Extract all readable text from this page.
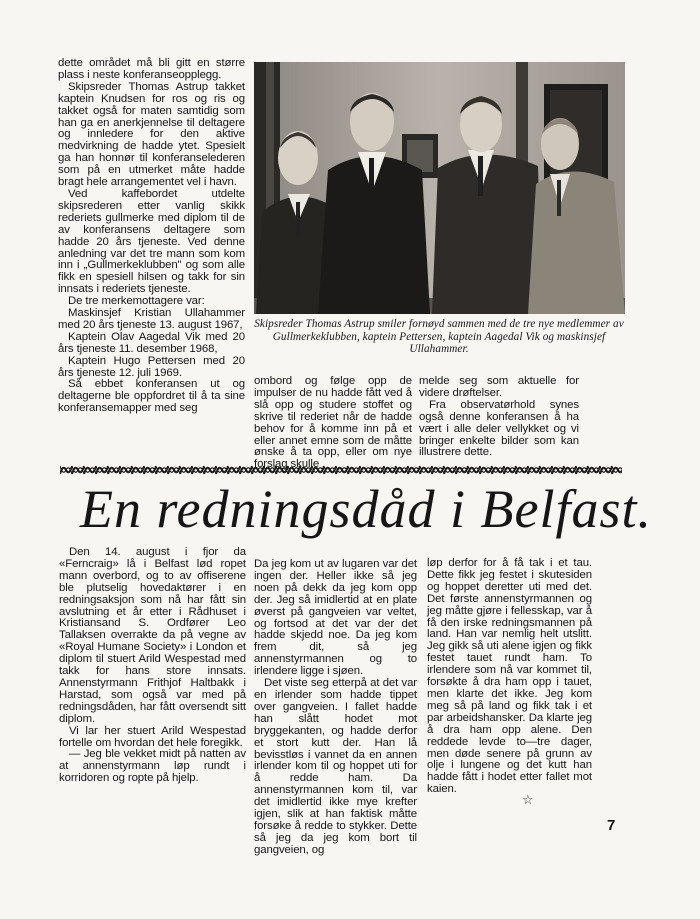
dette området må bli gitt en større plass i neste konferanseopplegg.

Skipsreder Thomas Astrup takket kaptein Knudsen for ros og ris og takket også for maten samtidig som han ga en anerkjennelse til deltagere og innledere for den aktive medvirkning de hadde ytet. Spesielt ga han honnør til konferanselederen som på en utmerket måte hadde bragt hele arrangementet vel i havn.

Ved kaffebordet utdelte skipsrederen etter vanlig skikk rederiets gullmerke med diplom til de av konferansens deltagere som hadde 20 års tjeneste. Ved denne anledning var det tre mann som kom inn i „Gullmerkeklubben" og som alle fikk en spesiell hilsen og takk for sin innsats i rederiets tjeneste.

De tre merkemottagere var:

Maskinsjef Kristian Ullahammer med 20 års tjeneste 13. august 1967,

Kaptein Olav Aagedal Vik med 20 års tjeneste 11. desember 1968,

Kaptein Hugo Pettersen med 20 års tjeneste 12. juli 1969.

Så ebbet konferansen ut og deltagerne ble oppfordret til å ta sine konferansemapper med seg

Skipsreder Thomas Astrup smiler fornøyd sammen med de tre nye medlemmer av Gullmerkeklubben, kaptein Pettersen, kaptein Aagedal Vik og maskinsjef Ullahammer.

ombord og følge opp de impulser de nu hadde fått ved å slå opp og studere stoffet og skrive til rederiet når de hadde behov for å komme inn på et eller annet emne som de måtte ønske å ta opp, eller om nye

melde seg som aktuelle for videre drøftelser.

Fra observatørhold synes også denne konferansen å ha vært i alle deler vellykket og vi bringer enkelte bilder som kan illustrere dette.

En redningsdåd i Belfast.

Den 14. august i fjor da «Ferncraig» lå i Belfast lød ropet mann overbord, og to av offiserene ble plutselig hovedaktører i en redningsaksjon som nå har fått sin avslutning et år etter i Rådhuset i Kristiansand S. Ordfører Leo Tallaksen overrakte da på vegne av «Royal Humane Society» i London et diplom til stuert Arild Wespestad med takk for hans store innsats. Annenstyrmann Frithjof Haltbakk i Harstad, som også var med på redningsdåden, har fått oversendt sitt diplom.

Vi lar her stuert Arild Wespestad fortelle om hvordan det hele foregikk.

— Jeg ble vekket midt på natten av at annenstyrmann løp rundt i korridoren og ropte på hjelp.

Da jeg kom ut av lugaren var det ingen der. Heller ikke så jeg noen på dekk da jeg kom opp der. Jeg så imidlertid at en plate øverst på gangveien var veltet, og fortsod at det var der det hadde skjedd noe. Da jeg kom frem dit, så jeg annenstyrmannen og to irlendere ligge i sjøen.

Det viste seg etterpå at det var en irlender som hadde tippet over gangveien. I fallet hadde han slått hodet mot bryggekanten, og hadde derfor et stort kutt der. Han lå bevisstløs i vannet da en annen irlender kom til og hoppet uti for å redde ham. Da annenstyrmannen kom til, var det imidlertid ikke mye krefter igjen, slik at han faktisk måtte forsøke å redde to stykker. Dette så jeg da jeg kom bort til gangveien, og

løp derfor for å få tak i et tau. Dette fikk jeg festet i skutesiden og hoppet deretter uti med det. Det første annenstyrmannen og jeg måtte gjøre i fellesskap, var å få den irske redningsmannen på land. Han var nemlig helt utslitt. Jeg gikk så uti alene igjen og fikk festet tauet rundt ham. To irlendere som nå var kommet til, forsøkte å dra ham opp i tauet, men klarte det ikke. Jeg kom meg så på land og fikk tak i et par arbeidshansker. Da klarte jeg å dra ham opp alene. Den reddede levde to—tre dager, men døde senere på grunn av olje i lungene og det kutt han hadde fått i hodet etter fallet mot kaien.

☆
7
